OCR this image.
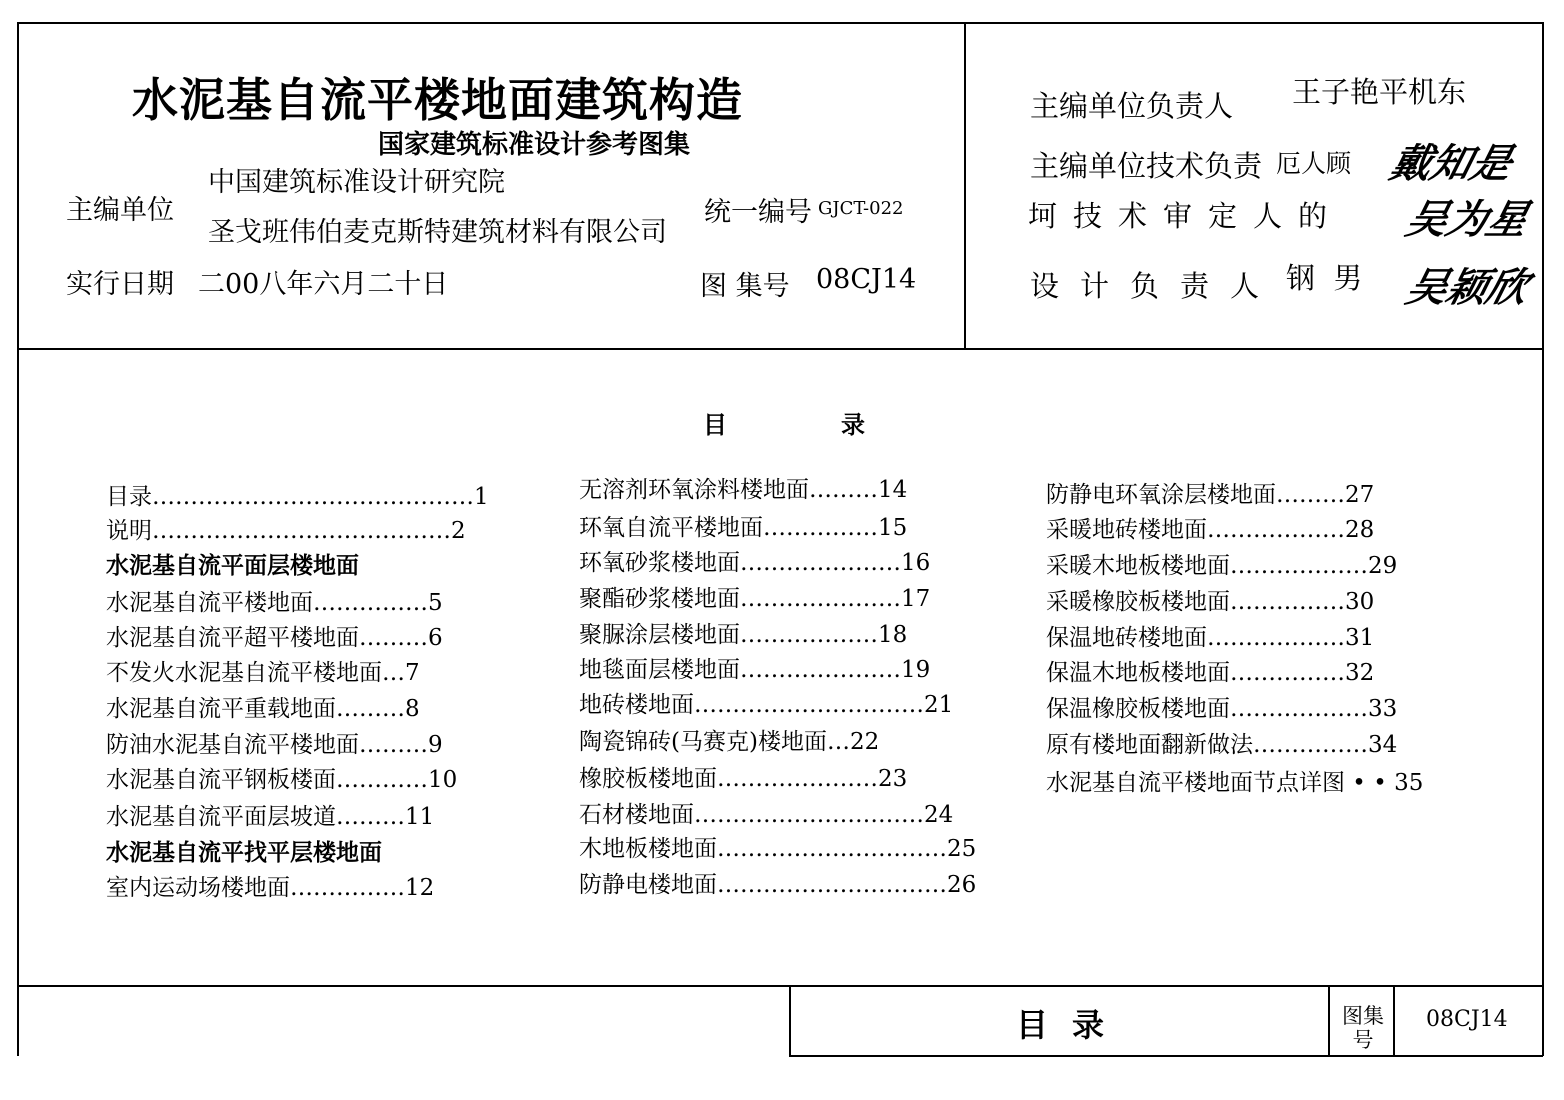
水泥基自流平楼地面建筑构造
国家建筑标准设计参考图集
主编单位
中国建筑标准设计研究院
圣戈班伟伯麦克斯特建筑材料有限公司
统一编号 GJCT-022
实行日期 二00八年六月二十日	图 集号 08CJ14
主编单位负责人 王子艳平机东
主编单位技术负责 厄人顾 戴知是
坷技术审定人的 吴为星
设计负责人 钢  男 吴颖欣
目	录
目录……………………………………1
说明…………………………………2
水泥基自流平面层楼地面
水泥基自流平楼地面……………5
水泥基自流平超平楼地面………6
不发火水泥基自流平楼地面…7
水泥基自流平重载地面………8
防油水泥基自流平楼地面………9
水泥基自流平钢板楼面…………10
水泥基自流平面层坡道………11
水泥基自流平找平层楼地面
室内运动场楼地面……………12
无溶剂环氧涂料楼地面………14
环氧自流平楼地面……………15
环氧砂浆楼地面…………………16
聚酯砂浆楼地面…………………17
聚脲涂层楼地面………………18
地毯面层楼地面…………………19
地砖楼地面…………………………21
陶瓷锦砖(马赛克)楼地面…22
橡胶板楼地面…………………23
石材楼地面…………………………24
木地板楼地面…………………………25
防静电楼地面…………………………26
防静电环氧涂层楼地面………27
采暖地砖楼地面………………28
采暖木地板楼地面………………29
采暖橡胶板楼地面……………30
保温地砖楼地面………………31
保温木地板楼地面……………32
保温橡胶板楼地面………………33
原有楼地面翻新做法……………34
水泥基自流平楼地面节点详图 • • 35
目录	图集号
08CJ14
